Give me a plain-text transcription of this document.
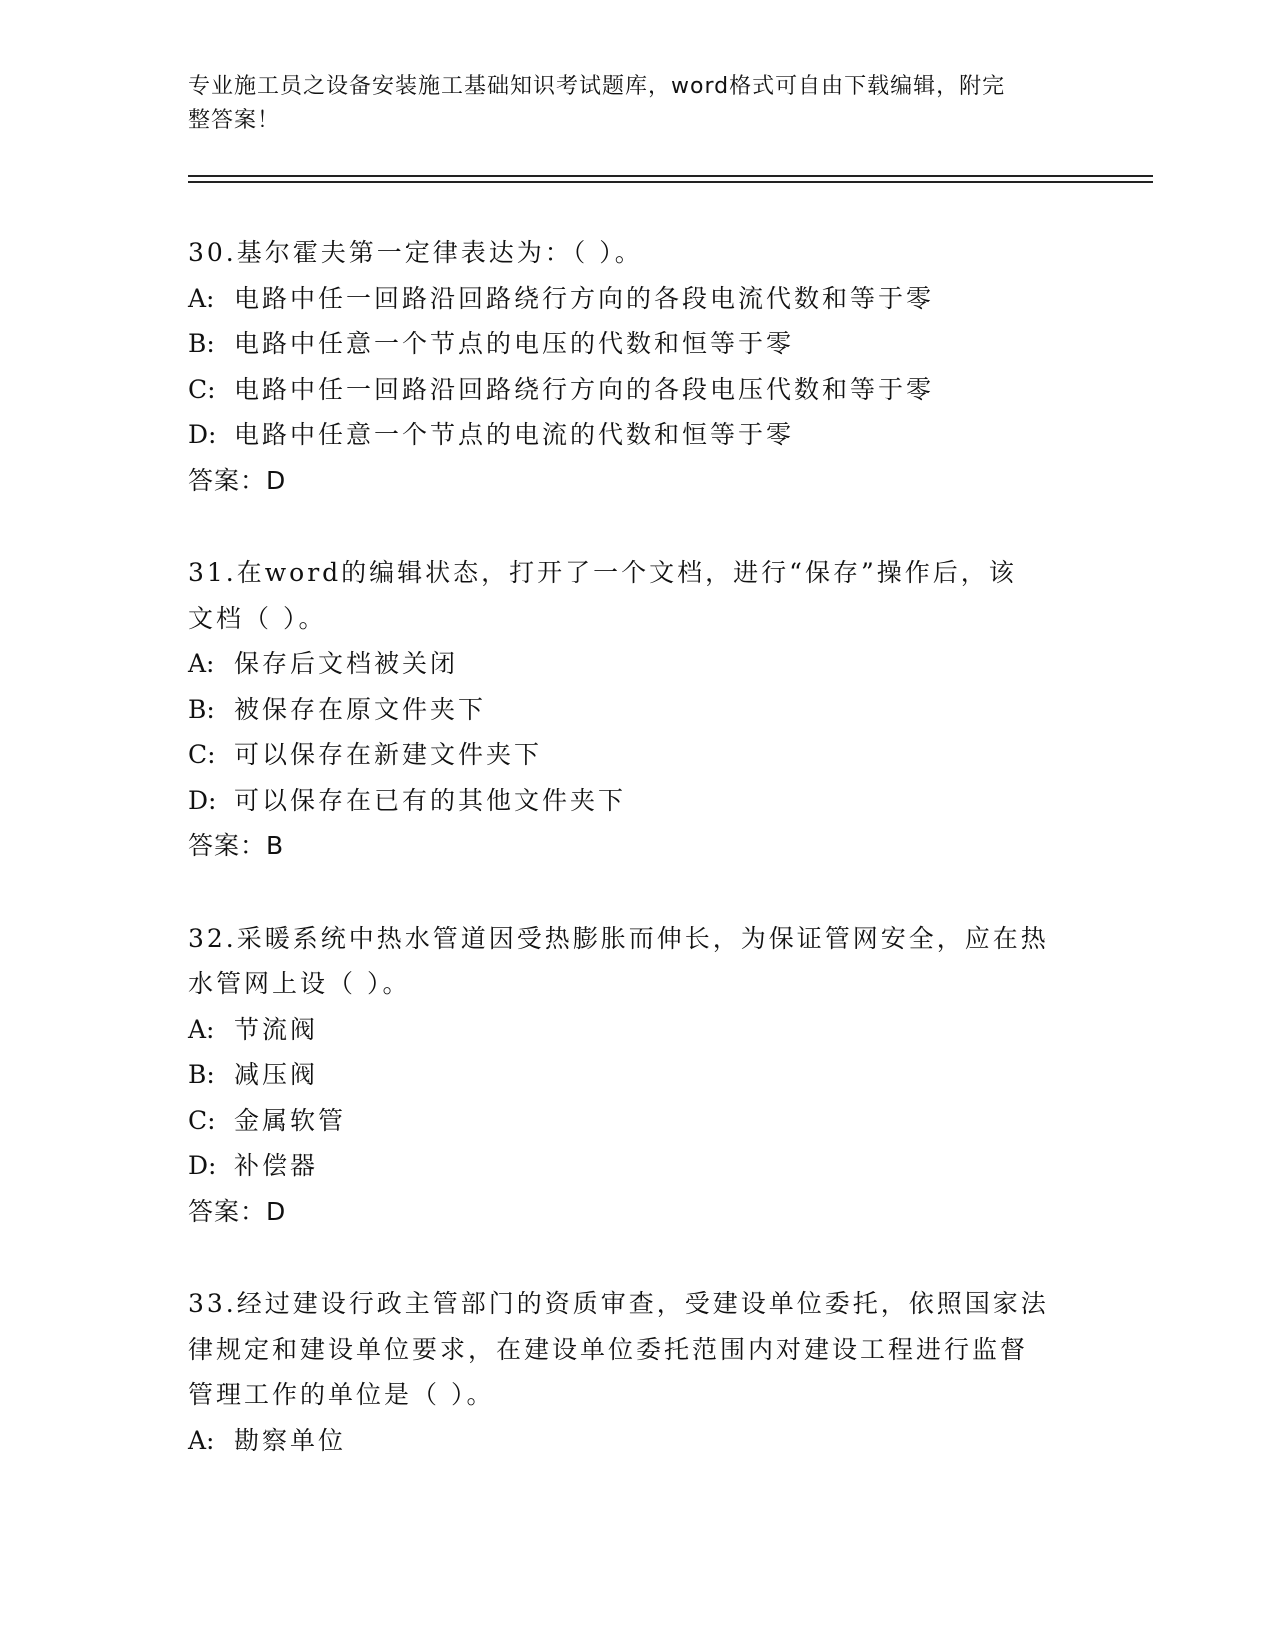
专业施工员之设备安装施工基础知识考试题库，word格式可自由下载编辑，附完
整答案！

30.基尔霍夫第一定律表达为：（ ）。

A: 电路中任一回路沿回路绕行方向的各段电流代数和等于零

B: 电路中任意一个节点的电压的代数和恒等于零

C: 电路中任一回路沿回路绕行方向的各段电压代数和等于零

D: 电路中任意一个节点的电流的代数和恒等于零

答案：D

31.在word的编辑状态，打开了一个文档，进行“保存”操作后，该

文档（ ）。

A: 保存后文档被关闭

B: 被保存在原文件夹下

C: 可以保存在新建文件夹下

D: 可以保存在已有的其他文件夹下

答案：B

32.采暖系统中热水管道因受热膨胀而伸长，为保证管网安全，应在热

水管网上设（ ）。

A: 节流阀

B: 减压阀

C: 金属软管

D: 补偿器

答案：D

33.经过建设行政主管部门的资质审查，受建设单位委托，依照国家法

律规定和建设单位要求，在建设单位委托范围内对建设工程进行监督

管理工作的单位是（ ）。

A: 勘察单位
